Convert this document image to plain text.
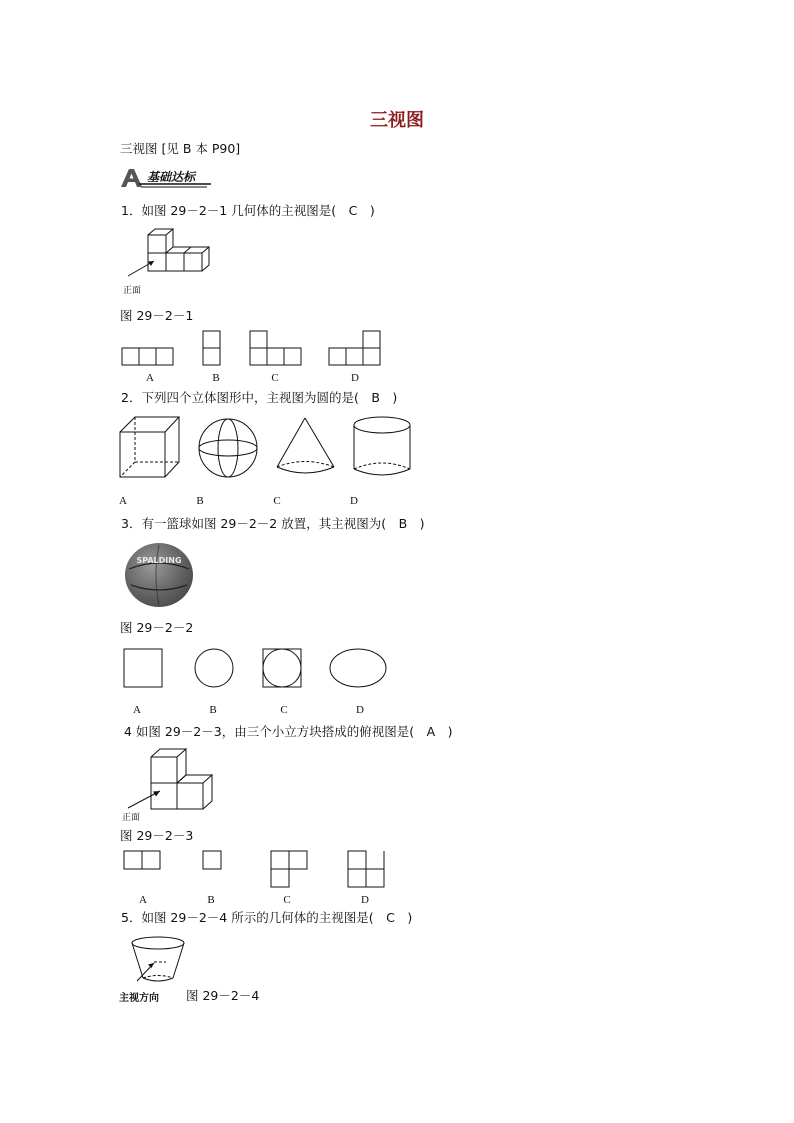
三视图
三视图 [见 B 本 P90]
基础达标
1．如图 29－2－1 几何体的主视图是(　C　)
正面
图 29－2－1
A	B	C	D
2．下列四个立体图形中，主视图为圆的是(　B　)
A	B	C	D
3．有一篮球如图 29－2－2 放置，其主视图为(　B　)
SPALDING
图 29－2－2
A	B	C	D
4 如图 29－2－3，由三个小立方块搭成的俯视图是(　A　)
正面
图 29－2－3
A	B	C	D
5．如图 29－2－4 所示的几何体的主视图是(　C　)
主视方向 图 29－2－4
